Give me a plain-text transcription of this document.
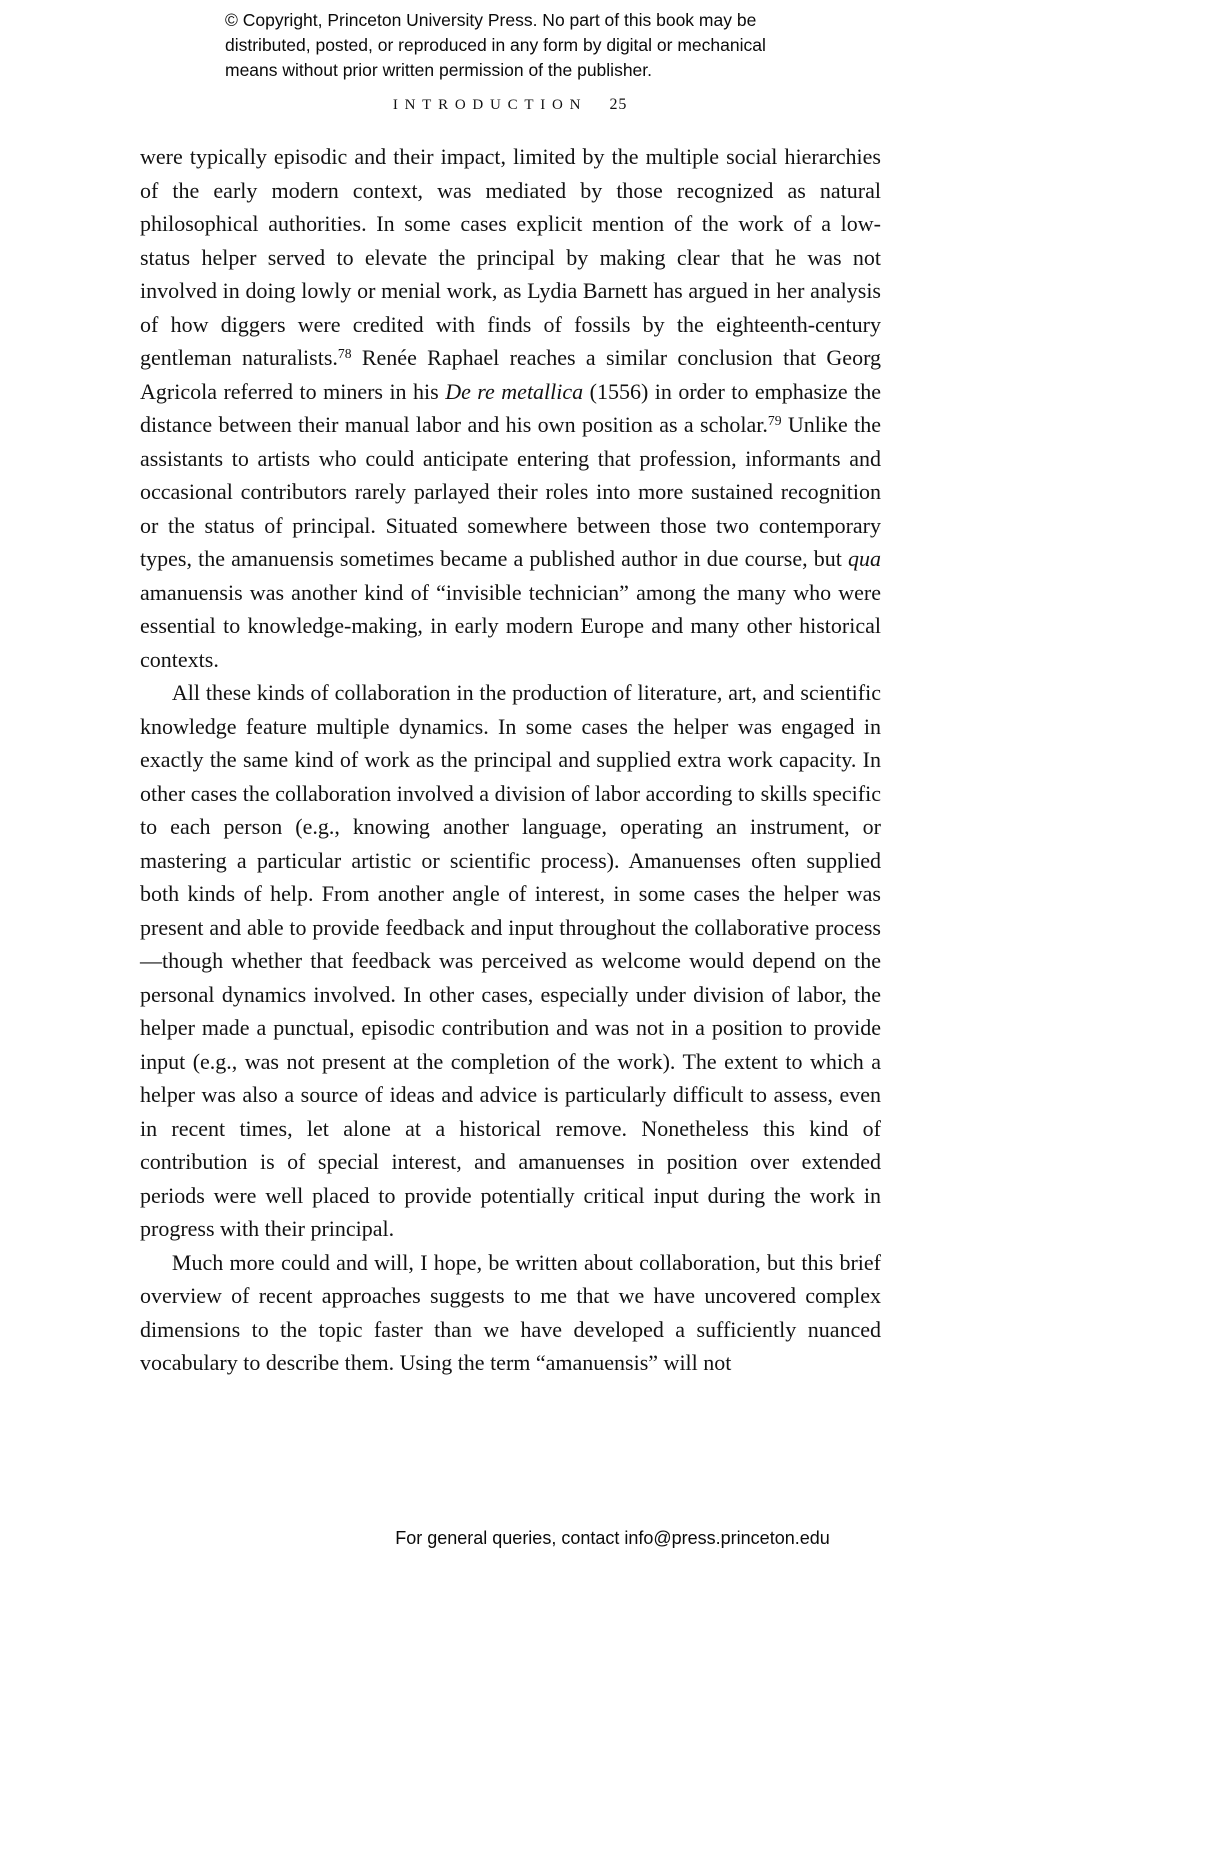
© Copyright, Princeton University Press. No part of this book may be
distributed, posted, or reproduced in any form by digital or mechanical
means without prior written permission of the publisher.
INTRODUCTION 25

were typically episodic and their impact, limited by the multiple social hierarchies of the early modern context, was mediated by those recognized as natural philosophical authorities. In some cases explicit mention of the work of a low-status helper served to elevate the principal by making clear that he was not involved in doing lowly or menial work, as Lydia Barnett has argued in her analysis of how diggers were credited with finds of fossils by the eighteenth-century gentleman naturalists.$^{78}$ Renée Raphael reaches a similar conclusion that Georg Agricola referred to miners in his De re metallica (1556) in order to emphasize the distance between their manual labor and his own position as a scholar.$^{79}$ Unlike the assistants to artists who could anticipate entering that profession, informants and occasional contributors rarely parlayed their roles into more sustained recognition or the status of principal. Situated somewhere between those two contemporary types, the amanuensis sometimes became a published author in due course, but qua amanuensis was another kind of “invisible technician” among the many who were essential to knowledge-making, in early modern Europe and many other historical contexts.

All these kinds of collaboration in the production of literature, art, and scientific knowledge feature multiple dynamics. In some cases the helper was engaged in exactly the same kind of work as the principal and supplied extra work capacity. In other cases the collaboration involved a division of labor according to skills specific to each person (e.g., knowing another language, operating an instrument, or mastering a particular artistic or scientific process). Amanuenses often supplied both kinds of help. From another angle of interest, in some cases the helper was present and able to provide feedback and input throughout the collaborative process—though whether that feedback was perceived as welcome would depend on the personal dynamics involved. In other cases, especially under division of labor, the helper made a punctual, episodic contribution and was not in a position to provide input (e.g., was not present at the completion of the work). The extent to which a helper was also a source of ideas and advice is particularly difficult to assess, even in recent times, let alone at a historical remove. Nonetheless this kind of contribution is of special interest, and amanuenses in position over extended periods were well placed to provide potentially critical input during the work in progress with their principal.

Much more could and will, I hope, be written about collaboration, but this brief overview of recent approaches suggests to me that we have uncovered complex dimensions to the topic faster than we have developed a sufficiently nuanced vocabulary to describe them. Using the term “amanuensis” will not

For general queries, contact info@press.princeton.edu
